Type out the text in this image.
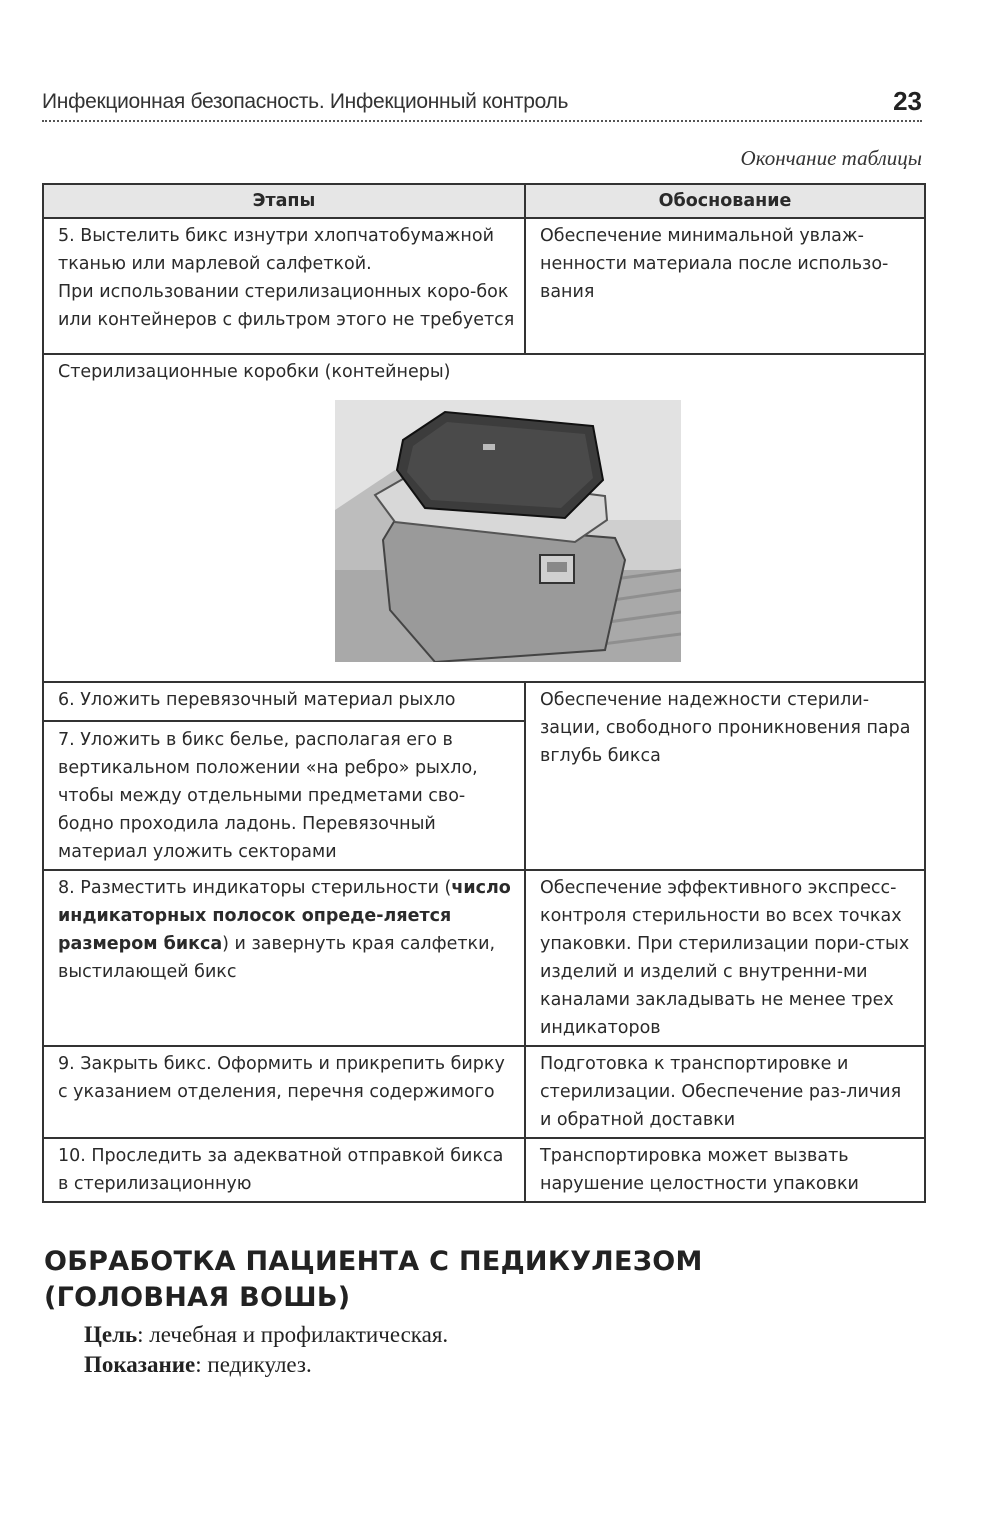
Инфекционная безопасность. Инфекционный контроль	23
Окончание таблицы
Этапы	Обоснование
5. Выстелить бикс изнутри хлопчатобумажной тканью или марлевой салфеткой.
При использовании стерилизационных коро-бок или контейнеров с фильтром этого не требуется	Обеспечение минимальной увлаж-ненности материала после использо-вания

Стерилизационные коробки (контейнеры)	

6. Уложить перевязочный материал рыхло
7. Уложить в бикс белье, располагая его в вертикальном положении «на ребро» рыхло, чтобы между отдельными предметами сво-бодно проходила ладонь. Перевязочный материал уложить секторами	Обеспечение надежности стерили-зации, свободного проникновения пара вглубь бикса
8. Разместить индикаторы стерильности (число индикаторных полосок опреде-ляется размером бикса) и завернуть края салфетки, выстилающей бикс	Обеспечение эффективного экспресс-контроля стерильности во всех точках упаковки. При стерилизации пори-стых изделий и изделий с внутренни-ми каналами закладывать не менее трех индикаторов
9. Закрыть бикс. Оформить и прикрепить бирку с указанием отделения, перечня содержимого	Подготовка к транспортировке и стерилизации. Обеспечение раз-личия и обратной доставки
10. Проследить за адекватной отправкой бикса в стерилизационную	Транспортировка может вызвать нарушение целостности упаковки
ОБРАБОТКА ПАЦИЕНТА С ПЕДИКУЛЕЗОМ
(ГОЛОВНАЯ ВОШЬ)
Цель: лечебная и профилактическая.
Показание: педикулез.
